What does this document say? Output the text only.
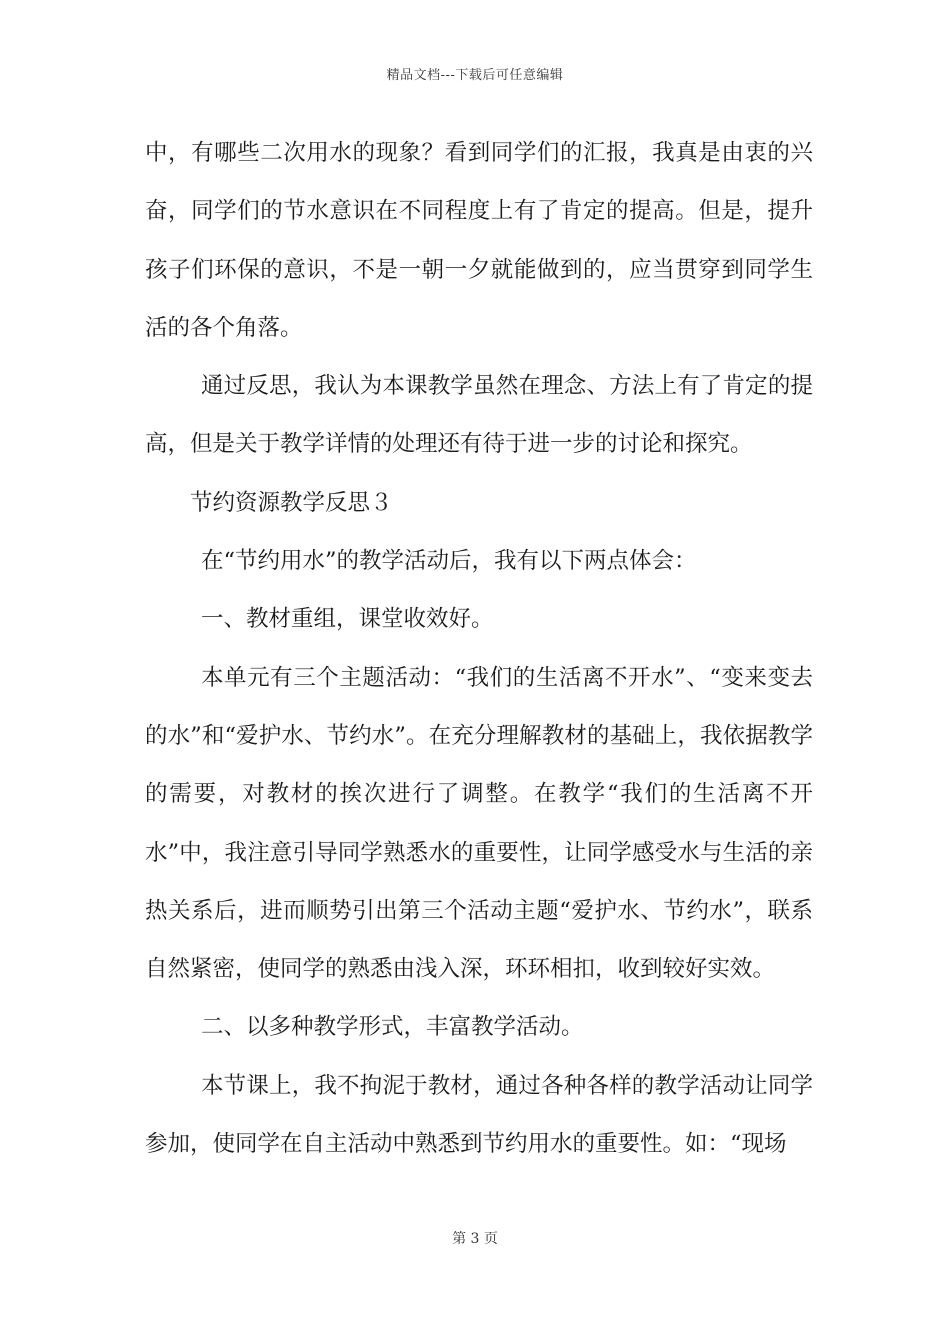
精品文档---下载后可任意编辑

中，有哪些二次用水的现象？看到同学们的汇报，我真是由衷的兴奋，同学们的节水意识在不同程度上有了肯定的提高。但是，提升孩子们环保的意识，不是一朝一夕就能做到的，应当贯穿到同学生活的各个角落。

通过反思，我认为本课教学虽然在理念、方法上有了肯定的提高，但是关于教学详情的处理还有待于进一步的讨论和探究。

节约资源教学反思３

在“节约用水”的教学活动后，我有以下两点体会：

一、教材重组，课堂收效好。

本单元有三个主题活动：“我们的生活离不开水”、“变来变去的水”和“爱护水、节约水”。在充分理解教材的基础上，我依据教学的需要，对教材的挨次进行了调整。在教学“我们的生活离不开水”中，我注意引导同学熟悉水的重要性，让同学感受水与生活的亲热关系后，进而顺势引出第三个活动主题“爱护水、节约水”，联系自然紧密，使同学的熟悉由浅入深，环环相扣，收到较好实效。

二、以多种教学形式，丰富教学活动。

本节课上，我不拘泥于教材，通过各种各样的教学活动让同学参加，使同学在自主活动中熟悉到节约用水的重要性。如：“现场

第 3 页
